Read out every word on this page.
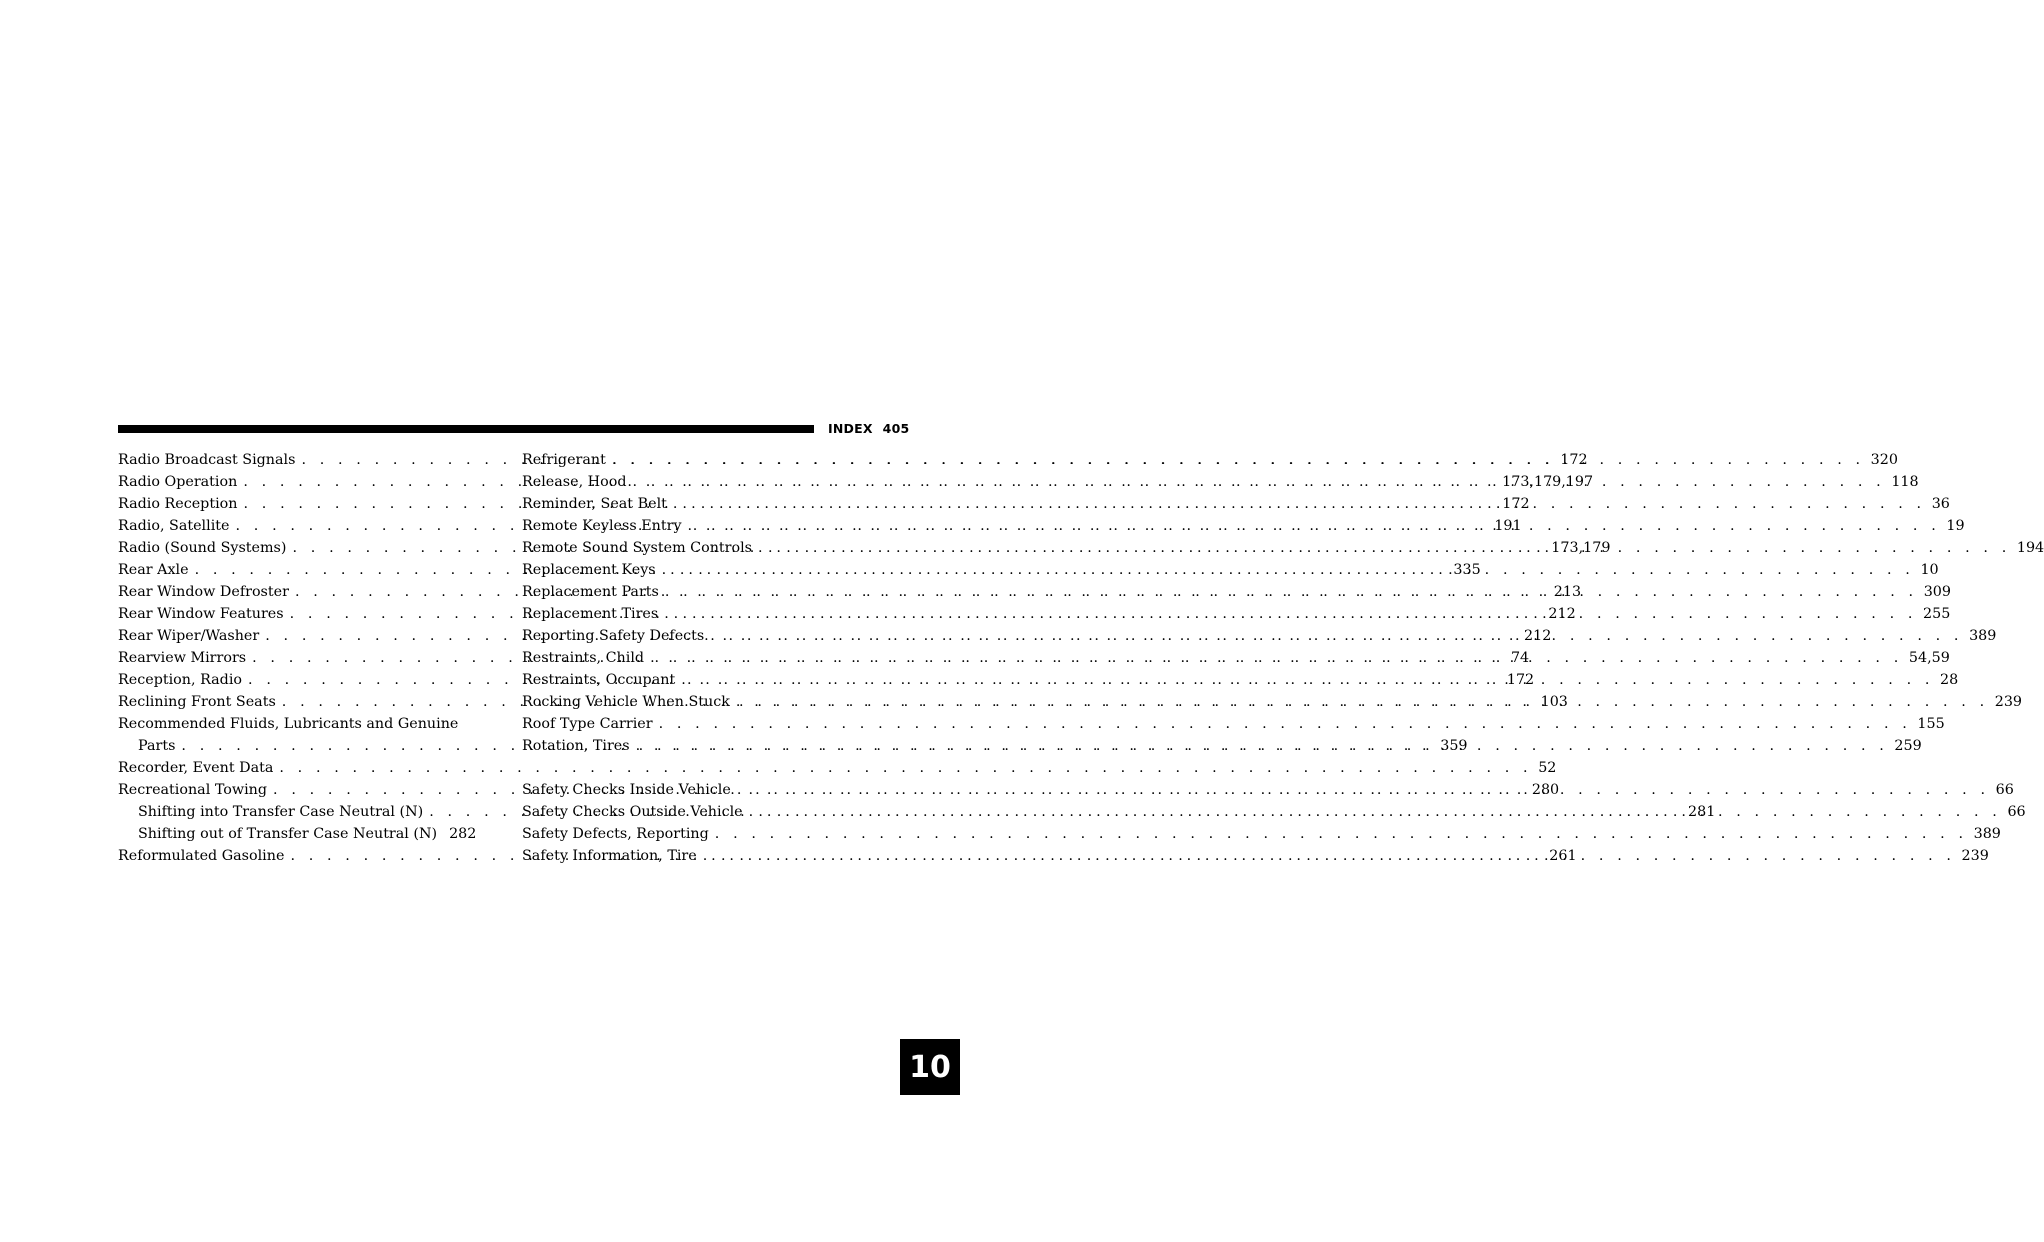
INDEX 405
Radio Broadcast Signals . . .	172
Radio Operation . . .	173,179,197
Radio Reception . . .	172
Radio, Satellite . . .	191
Radio (Sound Systems) . . .	173,179
Rear Axle . . .	335
Rear Window Defroster . . .	213
Rear Window Features . . .	212
Rear Wiper/Washer . . .	212
Rearview Mirrors . . .	74
Reception, Radio . . .	172
Reclining Front Seats . . .	103
Recommended Fluids, Lubricants and Genuine
Parts . . .	359
Recorder, Event Data . . .	52
Recreational Towing . . .	280
Shifting into Transfer Case Neutral (N) . . .	281
Shifting out of Transfer Case Neutral (N) 282
Reformulated Gasoline . . .	261
Refrigerant . . .	320
Release, Hood . . .	118
Reminder, Seat Belt . . .	36
Remote Keyless Entry . . .	19
Remote Sound System Controls . . .	194
Replacement Keys . . .	10
Replacement Parts . . .	309
Replacement Tires . . .	255
Reporting Safety Defects . . .	389
Restraints, Child . . .	54,59
Restraints, Occupant . . .	28
Rocking Vehicle When Stuck . . .	239
Roof Type Carrier . . .	155
Rotation, Tires . . .	259
Safety Checks Inside Vehicle . . .	66
Safety Checks Outside Vehicle . . .	66
Safety Defects, Reporting . . .	389
Safety Information, Tire . . .	239
10
